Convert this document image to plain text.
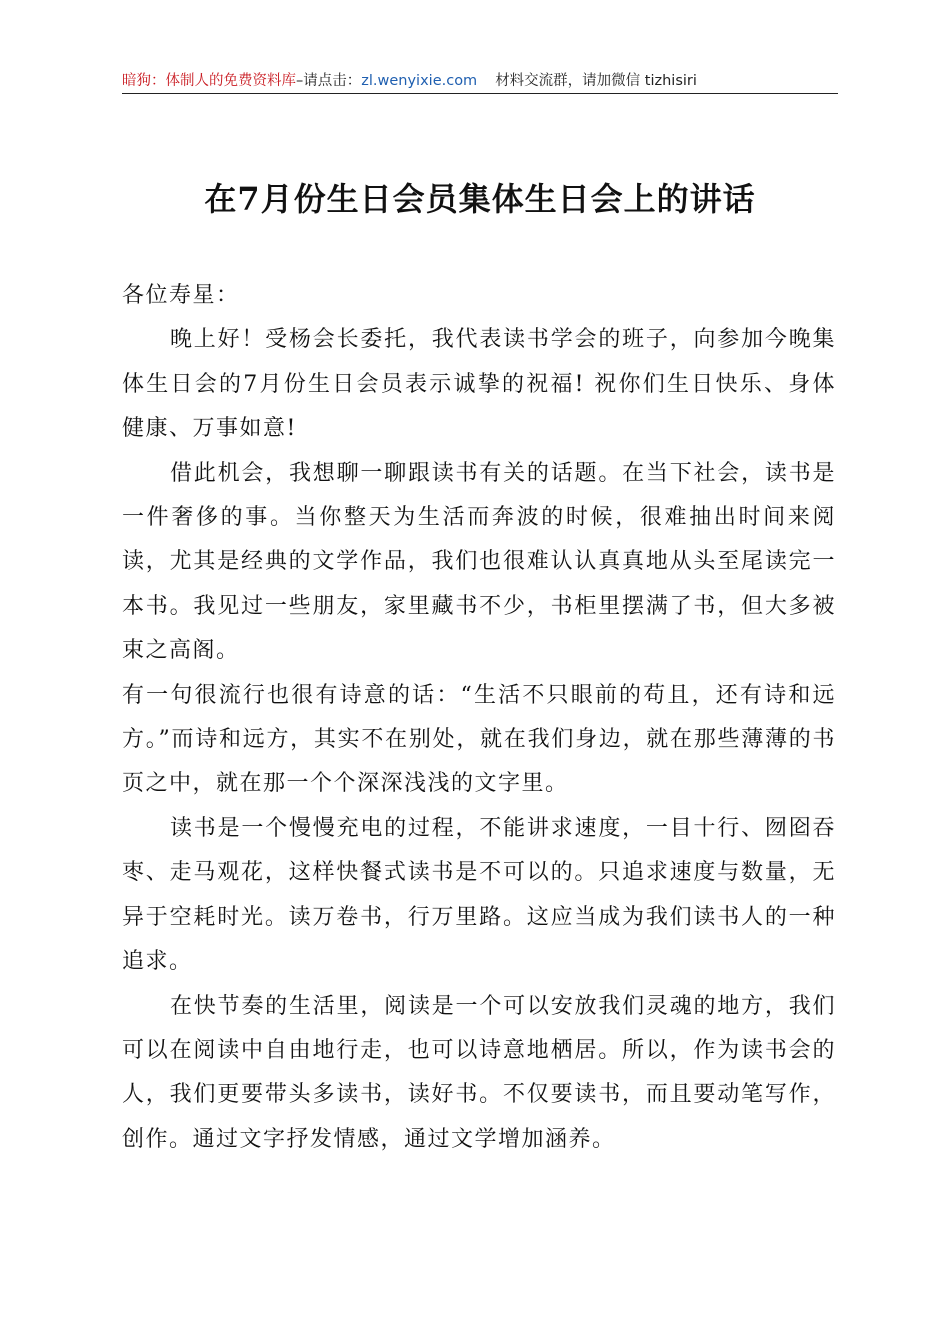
暗狗：体制人的免费资料库–请点击：zl.wenyixie.com 材料交流群，请加微信 tizhisiri
在7月份生日会员集体生日会上的讲话

各位寿星：

晚上好！受杨会长委托，我代表读书学会的班子，向参加今晚集体生日会的7月份生日会员表示诚挚的祝福! 祝你们生日快乐、身体健康、万事如意!

借此机会，我想聊一聊跟读书有关的话题。在当下社会，读书是一件奢侈的事。当你整天为生活而奔波的时候，很难抽出时间来阅读，尤其是经典的文学作品，我们也很难认认真真地从头至尾读完一本书。我见过一些朋友，家里藏书不少，书柜里摆满了书，但大多被束之高阁。

有一句很流行也很有诗意的话：“生活不只眼前的苟且，还有诗和远方。”而诗和远方，其实不在别处，就在我们身边，就在那些薄薄的书页之中，就在那一个个深深浅浅的文字里。

读书是一个慢慢充电的过程，不能讲求速度，一目十行、囫囵吞枣、走马观花，这样快餐式读书是不可以的。只追求速度与数量，无异于空耗时光。读万卷书，行万里路。这应当成为我们读书人的一种追求。

在快节奏的生活里，阅读是一个可以安放我们灵魂的地方，我们可以在阅读中自由地行走，也可以诗意地栖居。所以，作为读书会的人，我们更要带头多读书，读好书。不仅要读书，而且要动笔写作，创作。通过文字抒发情感，通过文学增加涵养。
